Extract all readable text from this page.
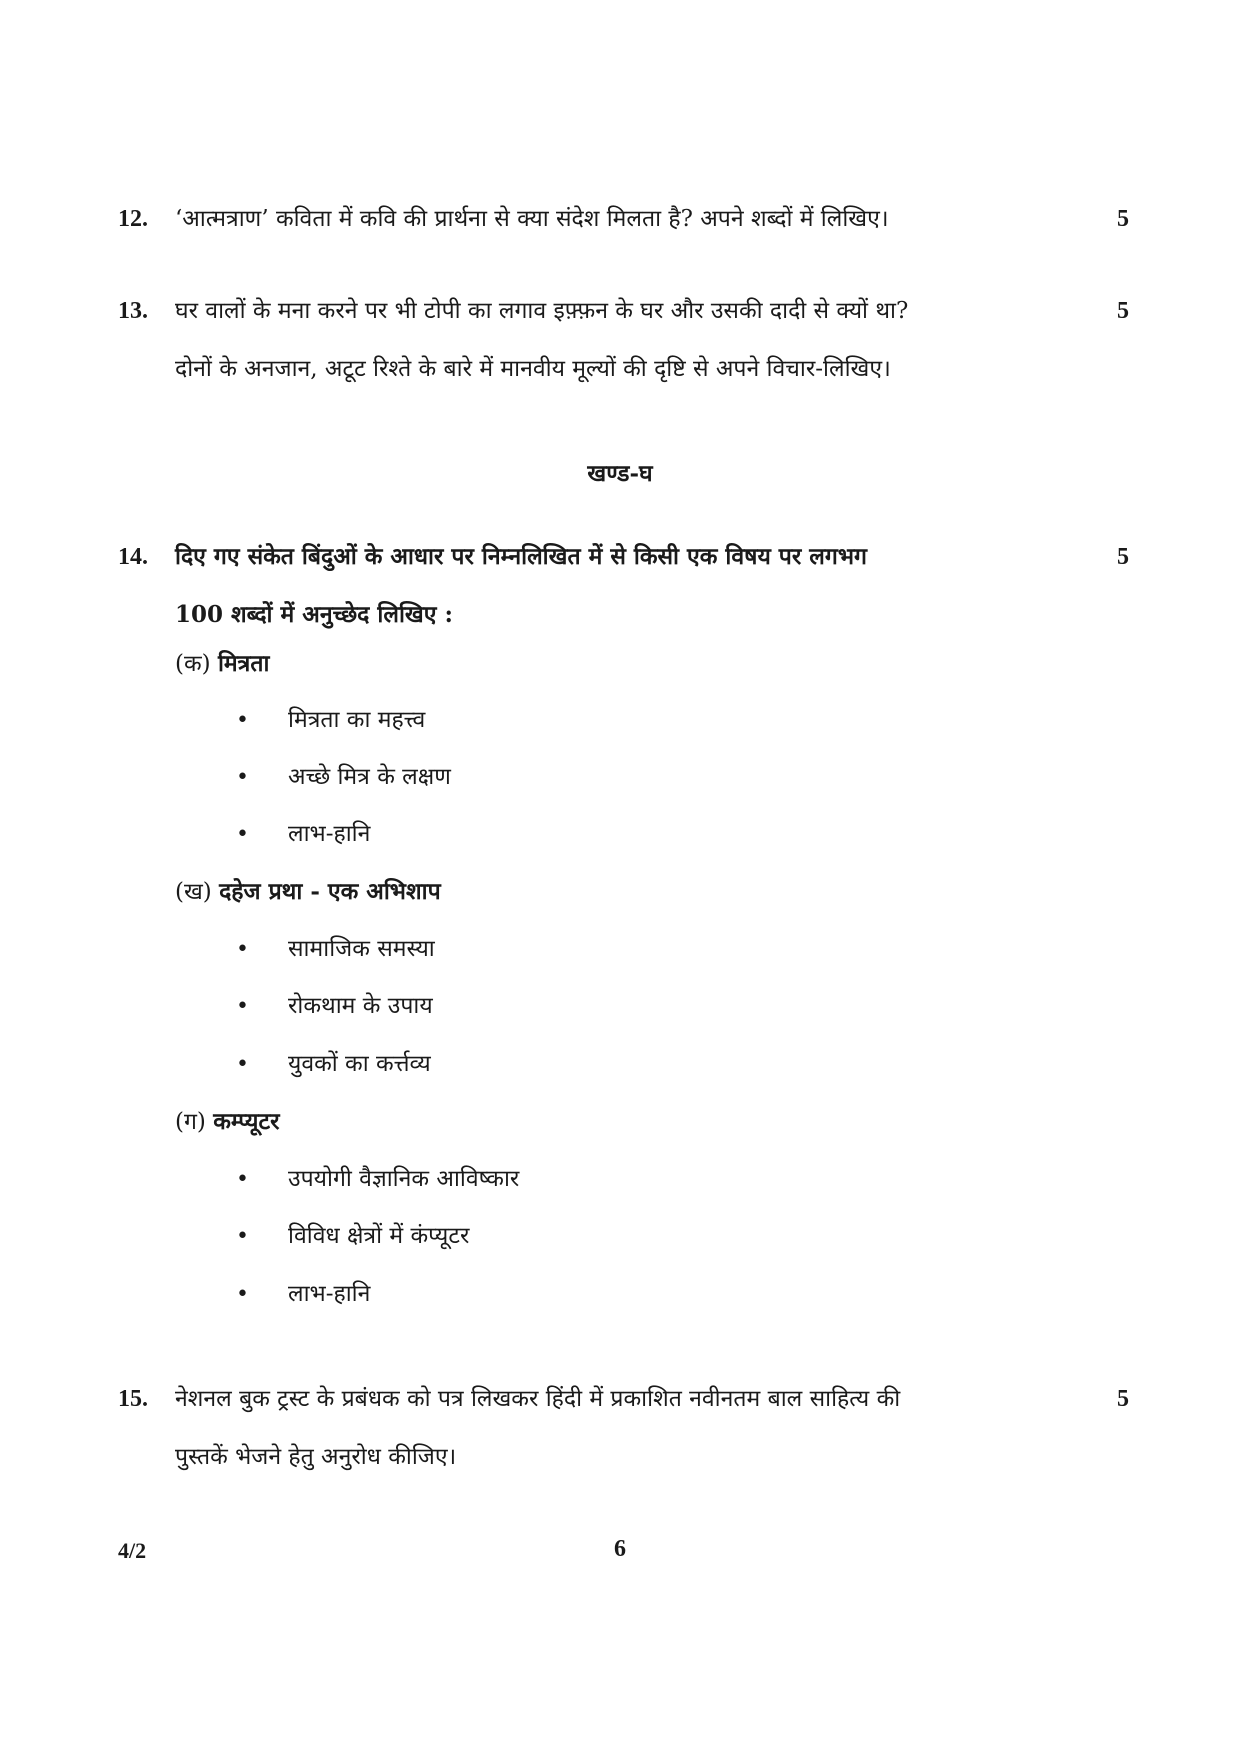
12.	‘आत्मत्राण’ कविता में कवि की प्रार्थना से क्या संदेश मिलता है? अपने शब्दों में लिखिए।	5
13.	घर वालों के मना करने पर भी टोपी का लगाव इफ़्फ़न के घर और उसकी दादी से क्यों था?
दोनों के अनजान, अटूट रिश्ते के बारे में मानवीय मूल्यों की दृष्टि से अपने विचार-लिखिए।
5
खण्ड-घ
14.	दिए गए संकेत बिंदुओं के आधार पर निम्नलिखित में से किसी एक विषय पर लगभग
100 शब्दों में अनुच्छेद लिखिए :
5
(क) मित्रता
• मित्रता का महत्त्व
• अच्छे मित्र के लक्षण
• लाभ-हानि
(ख) दहेज प्रथा - एक अभिशाप
• सामाजिक समस्या
• रोकथाम के उपाय
• युवकों का कर्त्तव्य
(ग) कम्प्यूटर
• उपयोगी वैज्ञानिक आविष्कार
• विविध क्षेत्रों में कंप्यूटर
• लाभ-हानि
15.	नेशनल बुक ट्रस्ट के प्रबंधक को पत्र लिखकर हिंदी में प्रकाशित नवीनतम बाल साहित्य की
पुस्तकें भेजने हेतु अनुरोध कीजिए।
5
4/2	6
